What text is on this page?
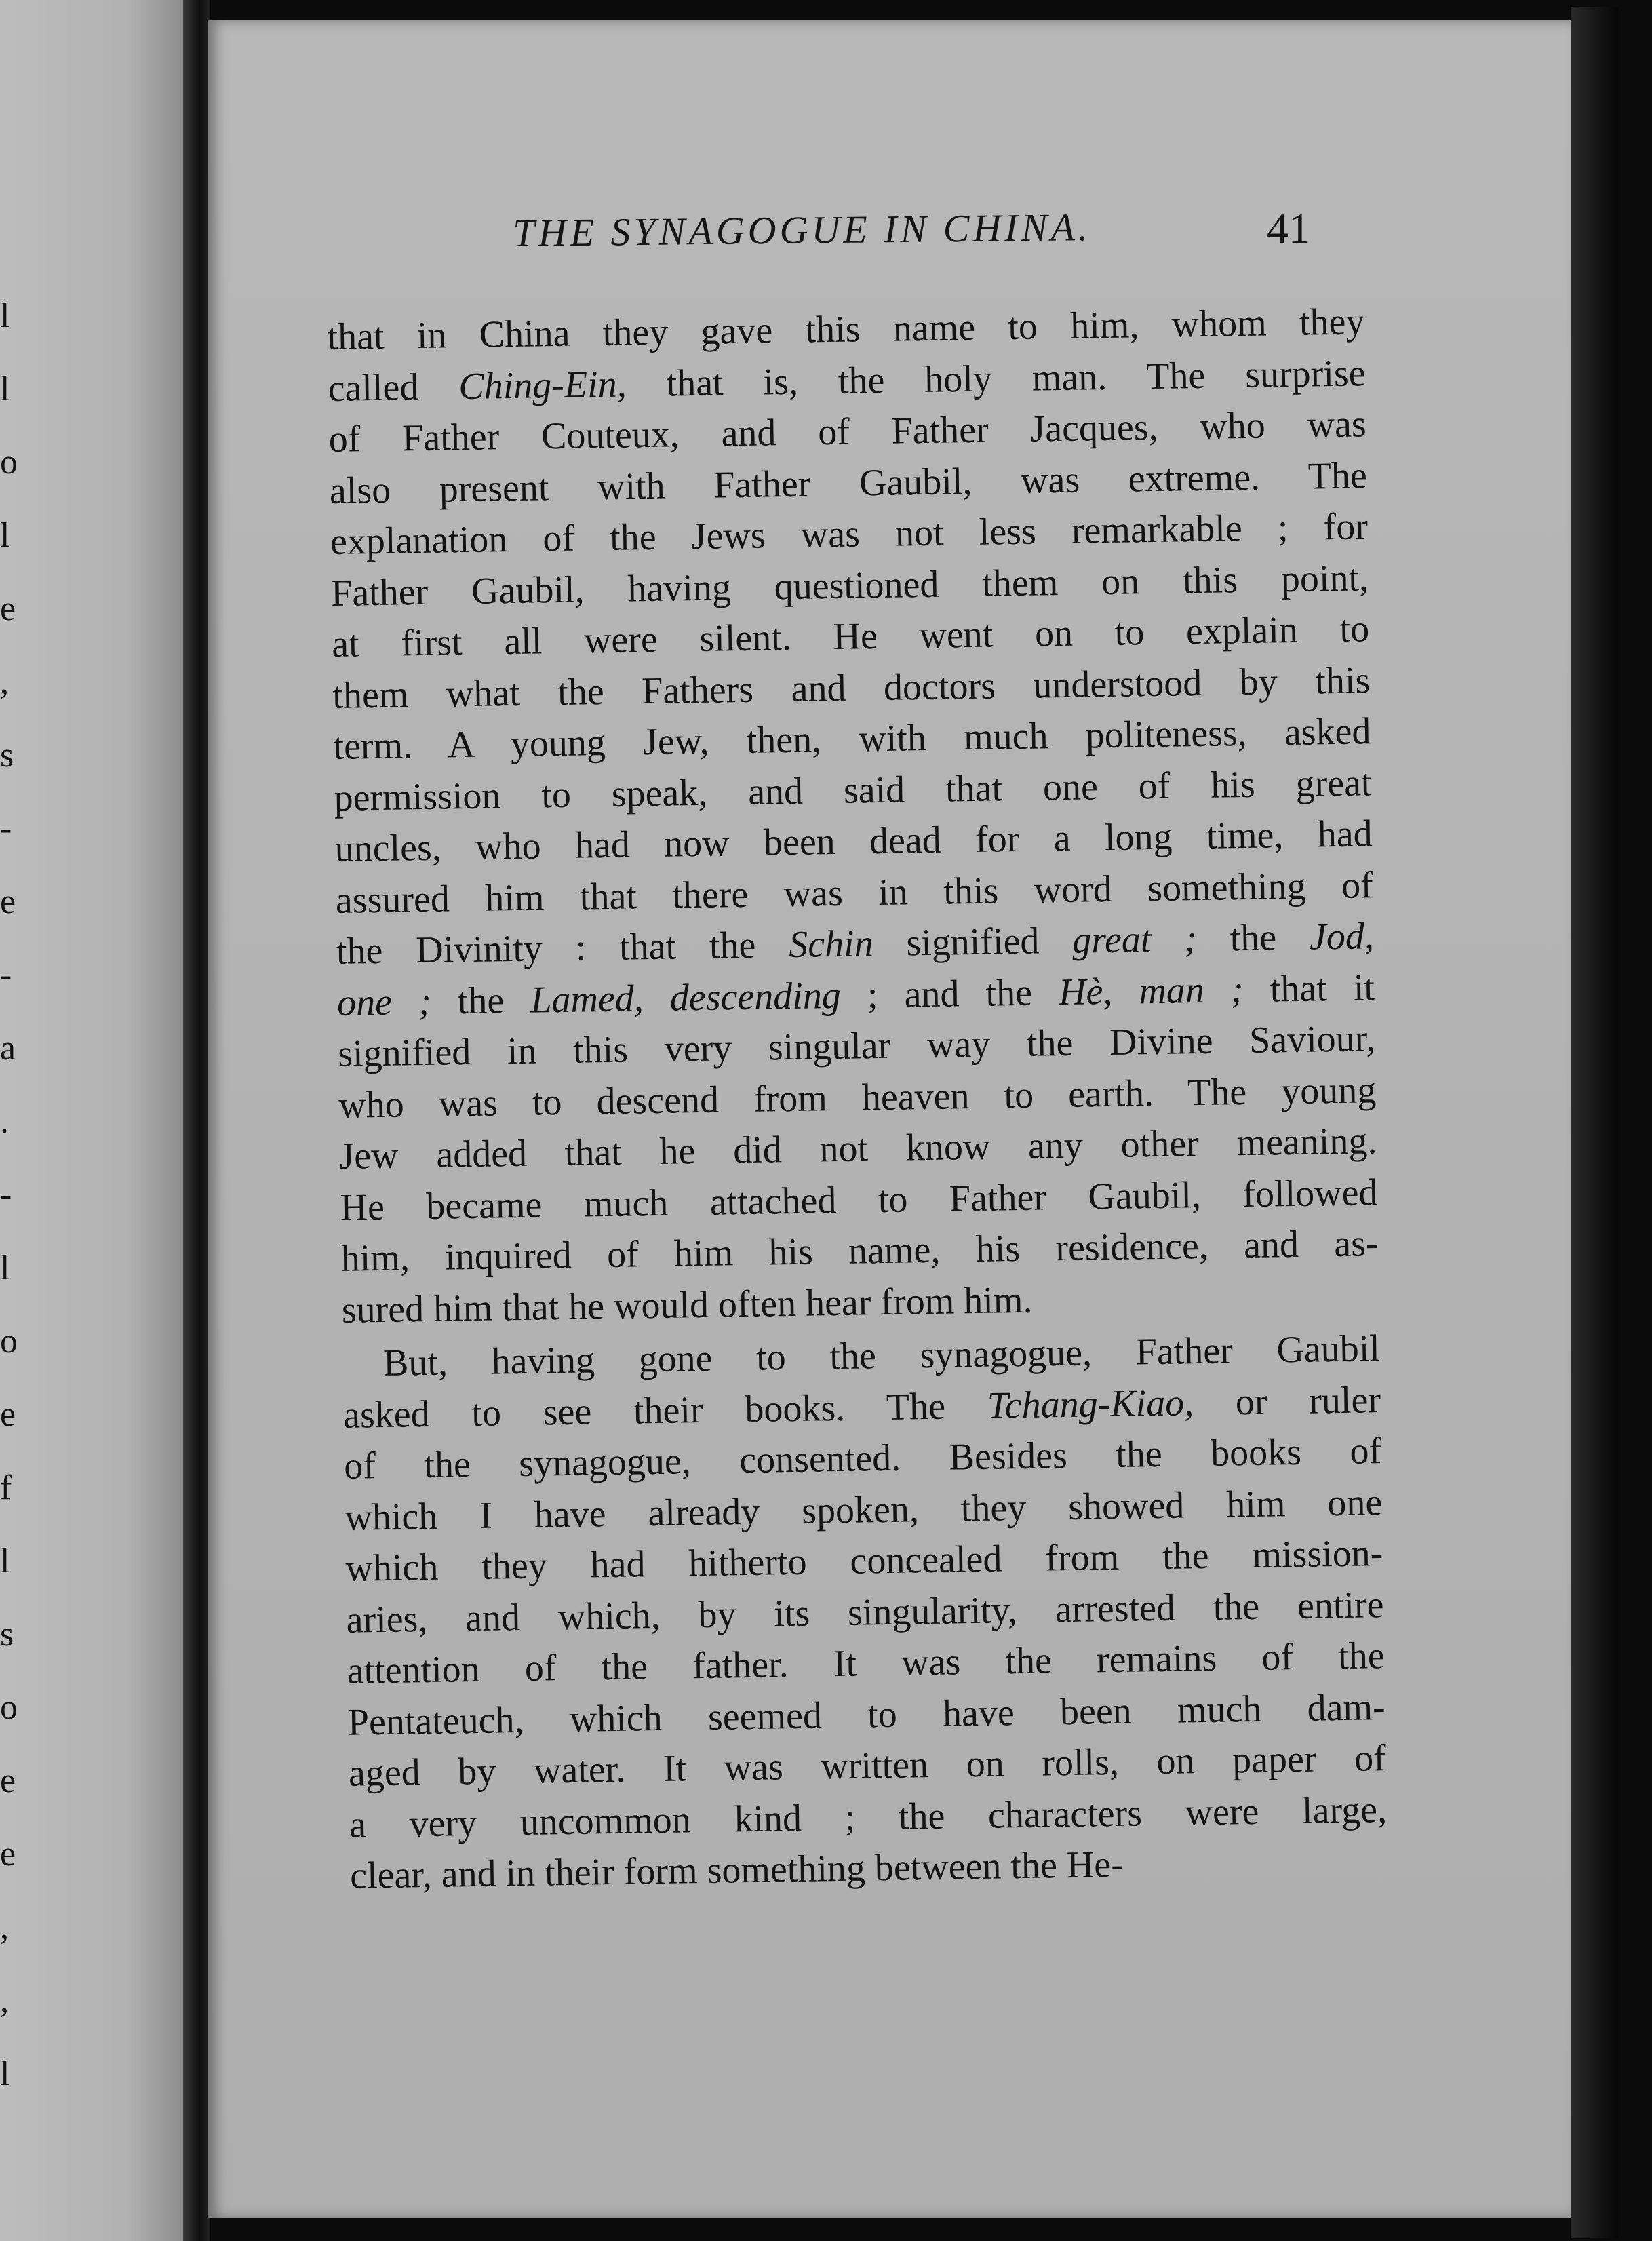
l
l
o
l
e
,
s
-
e
-
a
.
-
l
o
e
f
l
s
o
e
e
,
,
l
THE SYNAGOGUE IN CHINA.	41
that in China they gave this name to him, whom they
called Ching-Ein, that is, the holy man. The surprise
of Father Couteux, and of Father Jacques, who was
also present with Father Gaubil, was extreme. The
explanation of the Jews was not less remarkable ; for
Father Gaubil, having questioned them on this point,
at first all were silent. He went on to explain to
them what the Fathers and doctors understood by this
term. A young Jew, then, with much politeness, asked
permission to speak, and said that one of his great
uncles, who had now been dead for a long time, had
assured him that there was in this word something of
the Divinity : that the Schin signified great ; the Jod,
one ; the Lamed, descending ; and the Hè, man ; that it
signified in this very singular way the Divine Saviour,
who was to descend from heaven to earth. The young
Jew added that he did not know any other meaning.
He became much attached to Father Gaubil, followed
him, inquired of him his name, his residence, and as-
sured him that he would often hear from him.
But, having gone to the synagogue, Father Gaubil
asked to see their books. The Tchang-Kiao, or ruler
of the synagogue, consented. Besides the books of
which I have already spoken, they showed him one
which they had hitherto concealed from the mission-
aries, and which, by its singularity, arrested the entire
attention of the father. It was the remains of the
Pentateuch, which seemed to have been much dam-
aged by water. It was written on rolls, on paper of
a very uncommon kind ; the characters were large,
clear, and in their form something between the He-
